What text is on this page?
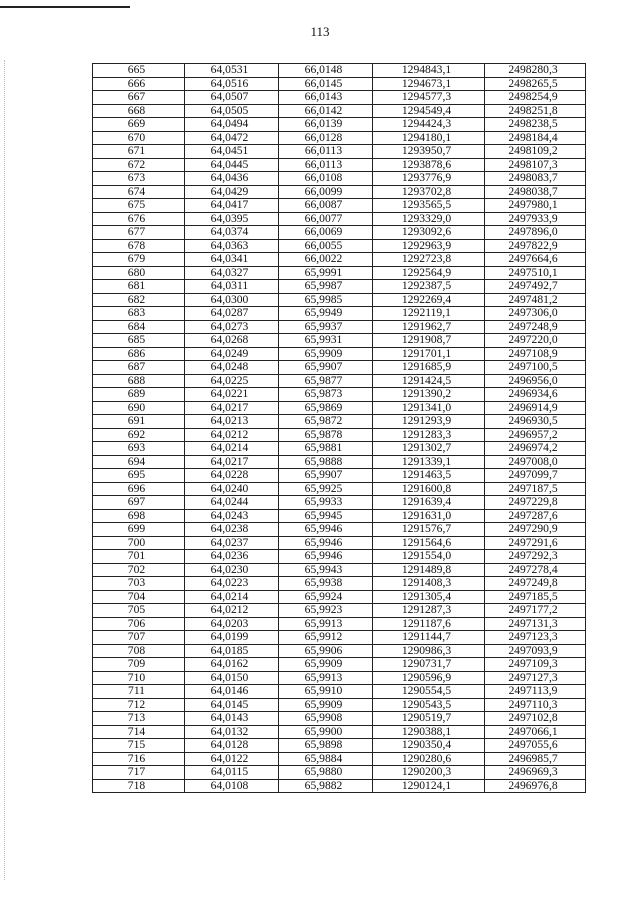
113
665	64,0531	66,0148	1294843,1	2498280,3
666	64,0516	66,0145	1294673,1	2498265,5
667	64,0507	66,0143	1294577,3	2498254,9
668	64,0505	66,0142	1294549,4	2498251,8
669	64,0494	66,0139	1294424,3	2498238,5
670	64,0472	66,0128	1294180,1	2498184,4
671	64,0451	66,0113	1293950,7	2498109,2
672	64,0445	66,0113	1293878,6	2498107,3
673	64,0436	66,0108	1293776,9	2498083,7
674	64,0429	66,0099	1293702,8	2498038,7
675	64,0417	66,0087	1293565,5	2497980,1
676	64,0395	66,0077	1293329,0	2497933,9
677	64,0374	66,0069	1293092,6	2497896,0
678	64,0363	66,0055	1292963,9	2497822,9
679	64,0341	66,0022	1292723,8	2497664,6
680	64,0327	65,9991	1292564,9	2497510,1
681	64,0311	65,9987	1292387,5	2497492,7
682	64,0300	65,9985	1292269,4	2497481,2
683	64,0287	65,9949	1292119,1	2497306,0
684	64,0273	65,9937	1291962,7	2497248,9
685	64,0268	65,9931	1291908,7	2497220,0
686	64,0249	65,9909	1291701,1	2497108,9
687	64,0248	65,9907	1291685,9	2497100,5
688	64,0225	65,9877	1291424,5	2496956,0
689	64,0221	65,9873	1291390,2	2496934,6
690	64,0217	65,9869	1291341,0	2496914,9
691	64,0213	65,9872	1291293,9	2496930,5
692	64,0212	65,9878	1291283,3	2496957,2
693	64,0214	65,9881	1291302,7	2496974,2
694	64,0217	65,9888	1291339,1	2497008,0
695	64,0228	65,9907	1291463,5	2497099,7
696	64,0240	65,9925	1291600,8	2497187,5
697	64,0244	65,9933	1291639,4	2497229,8
698	64,0243	65,9945	1291631,0	2497287,6
699	64,0238	65,9946	1291576,7	2497290,9
700	64,0237	65,9946	1291564,6	2497291,6
701	64,0236	65,9946	1291554,0	2497292,3
702	64,0230	65,9943	1291489,8	2497278,4
703	64,0223	65,9938	1291408,3	2497249,8
704	64,0214	65,9924	1291305,4	2497185,5
705	64,0212	65,9923	1291287,3	2497177,2
706	64,0203	65,9913	1291187,6	2497131,3
707	64,0199	65,9912	1291144,7	2497123,3
708	64,0185	65,9906	1290986,3	2497093,9
709	64,0162	65,9909	1290731,7	2497109,3
710	64,0150	65,9913	1290596,9	2497127,3
711	64,0146	65,9910	1290554,5	2497113,9
712	64,0145	65,9909	1290543,5	2497110,3
713	64,0143	65,9908	1290519,7	2497102,8
714	64,0132	65,9900	1290388,1	2497066,1
715	64,0128	65,9898	1290350,4	2497055,6
716	64,0122	65,9884	1290280,6	2496985,7
717	64,0115	65,9880	1290200,3	2496969,3
718	64,0108	65,9882	1290124,1	2496976,8
